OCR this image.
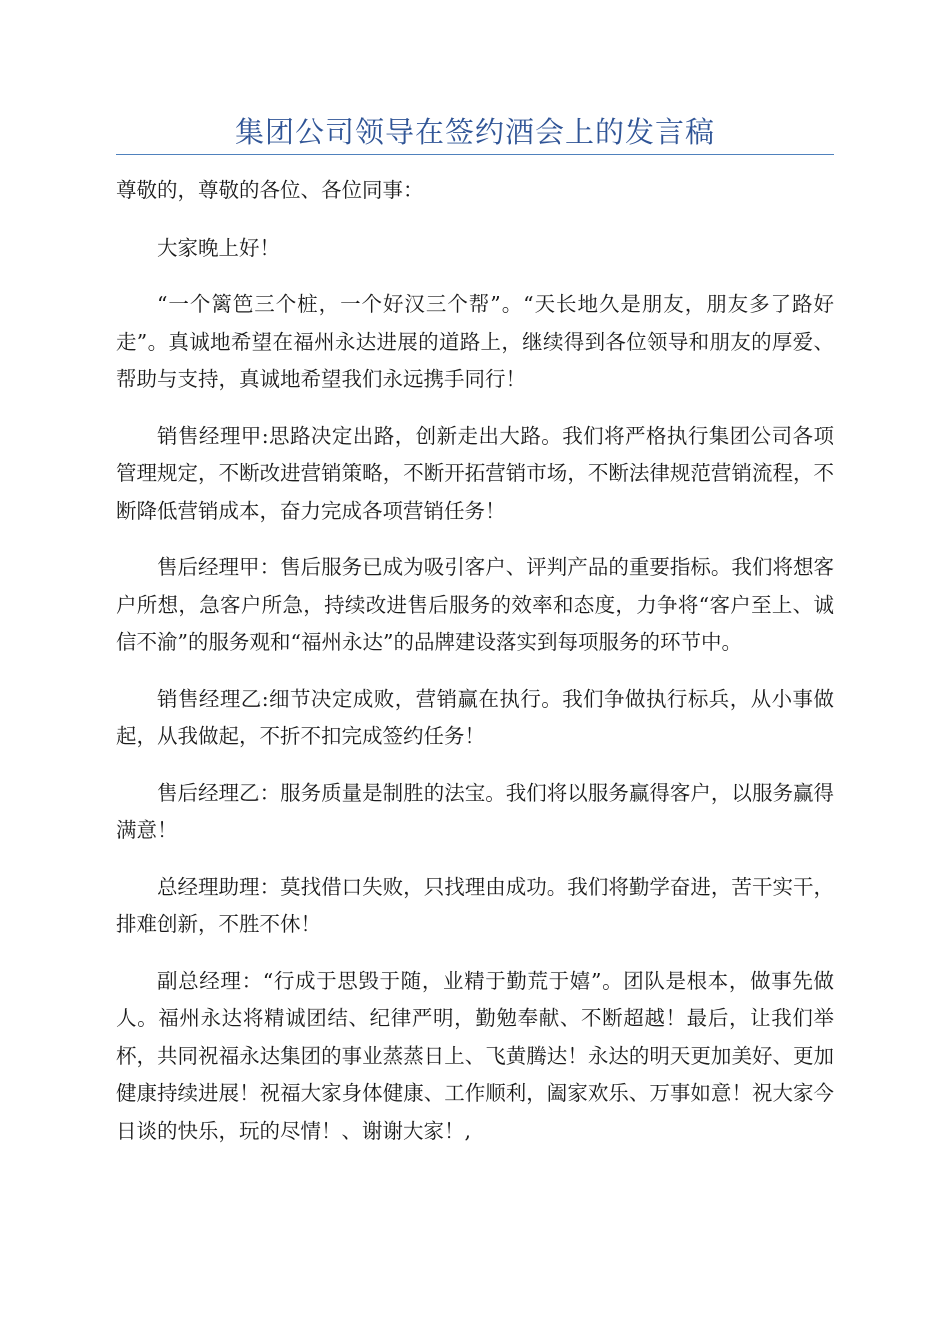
集团公司领导在签约酒会上的发言稿

尊敬的，尊敬的各位、各位同事：

大家晚上好！

“一个篱笆三个桩，一个好汉三个帮”。“天长地久是朋友，朋友多了路好走”。真诚地希望在福州永达进展的道路上，继续得到各位领导和朋友的厚爱、帮助与支持，真诚地希望我们永远携手同行！

销售经理甲:思路决定出路，创新走出大路。我们将严格执行集团公司各项管理规定，不断改进营销策略，不断开拓营销市场，不断法律规范营销流程，不断降低营销成本，奋力完成各项营销任务！

售后经理甲：售后服务已成为吸引客户、评判产品的重要指标。我们将想客户所想，急客户所急，持续改进售后服务的效率和态度，力争将“客户至上、诚信不渝”的服务观和“福州永达”的品牌建设落实到每项服务的环节中。

销售经理乙:细节决定成败，营销赢在执行。我们争做执行标兵，从小事做起，从我做起，不折不扣完成签约任务！

售后经理乙：服务质量是制胜的法宝。我们将以服务赢得客户，以服务赢得满意！

总经理助理：莫找借口失败，只找理由成功。我们将勤学奋进，苦干实干，排难创新，不胜不休！

副总经理：“行成于思毁于随，业精于勤荒于嬉”。团队是根本，做事先做人。福州永达将精诚团结、纪律严明，勤勉奉献、不断超越！最后，让我们举杯，共同祝福永达集团的事业蒸蒸日上、飞黄腾达！永达的明天更加美好、更加健康持续进展！祝福大家身体健康、工作顺利，阖家欢乐、万事如意！祝大家今日谈的快乐，玩的尽情！、谢谢大家！,
